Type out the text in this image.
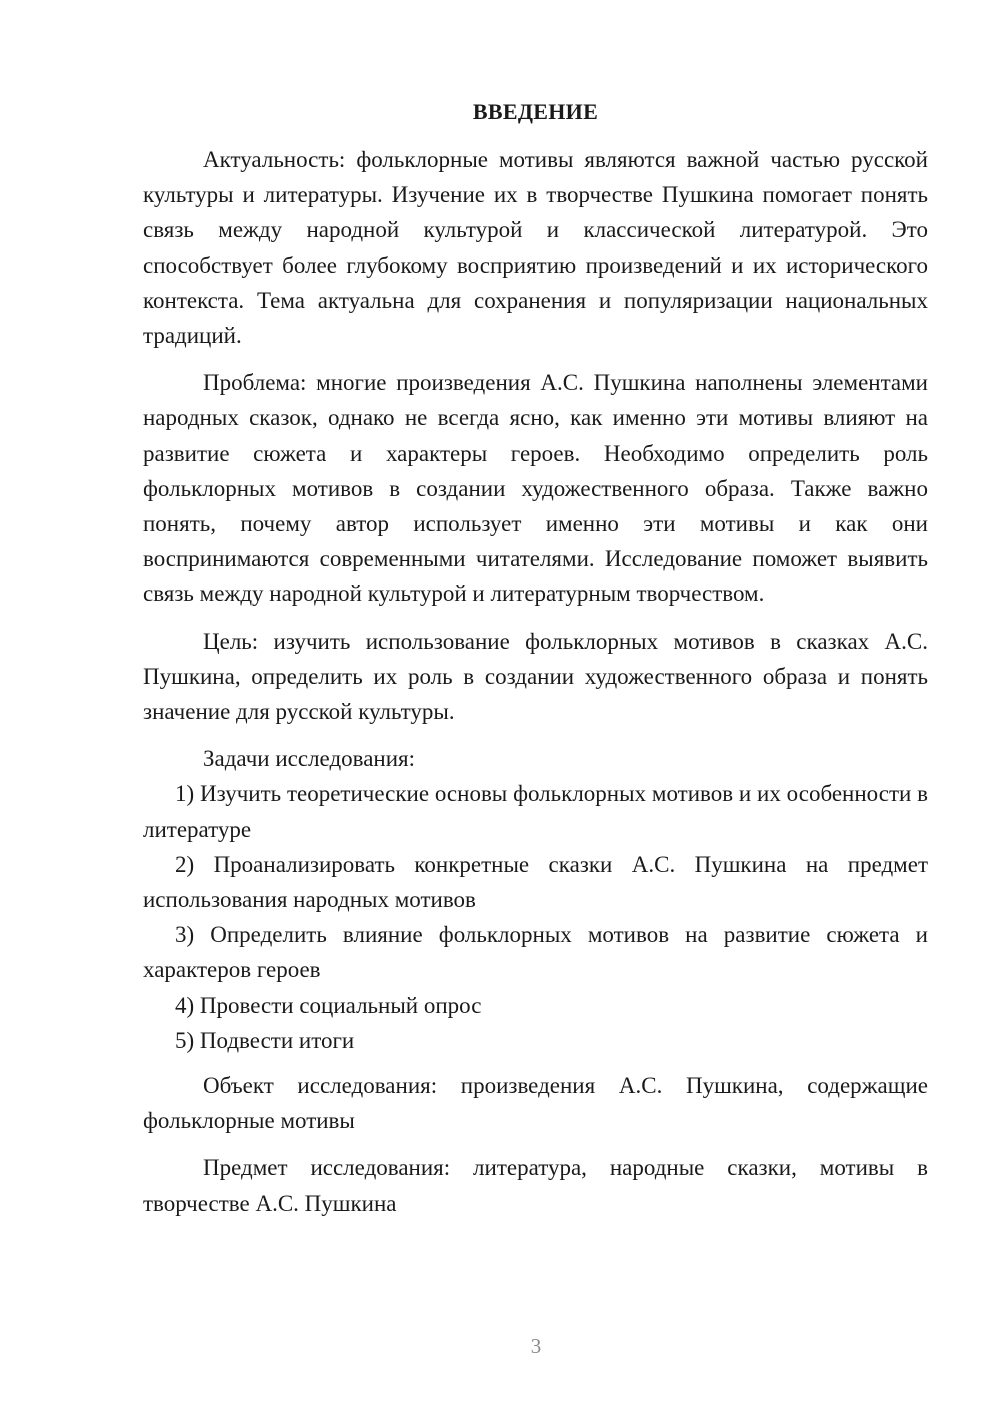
ВВЕДЕНИЕ

Актуальность: фольклорные мотивы являются важной частью русской культуры и литературы. Изучение их в творчестве Пушкина помогает понять связь между народной культурой и классической литературой. Это способствует более глубокому восприятию произведений и их исторического контекста. Тема актуальна для сохранения и популяризации национальных традиций.

Проблема: многие произведения А.С. Пушкина наполнены элементами народных сказок, однако не всегда ясно, как именно эти мотивы влияют на развитие сюжета и характеры героев. Необходимо определить роль фольклорных мотивов в создании художественного образа. Также важно понять, почему автор использует именно эти мотивы и как они воспринимаются современными читателями. Исследование поможет выявить связь между народной культурой и литературным творчеством.

Цель: изучить использование фольклорных мотивов в сказках А.С. Пушкина, определить их роль в создании художественного образа и понять значение для русской культуры.

Задачи исследования:

1) Изучить теоретические основы фольклорных мотивов и их особенности в литературе

2) Проанализировать конкретные сказки А.С. Пушкина на предмет использования народных мотивов

3) Определить влияние фольклорных мотивов на развитие сюжета и характеров героев

4) Провести социальный опрос

5) Подвести итоги

Объект исследования: произведения А.С. Пушкина, содержащие фольклорные мотивы

Предмет исследования: литература, народные сказки, мотивы в творчестве А.С. Пушкина

3
